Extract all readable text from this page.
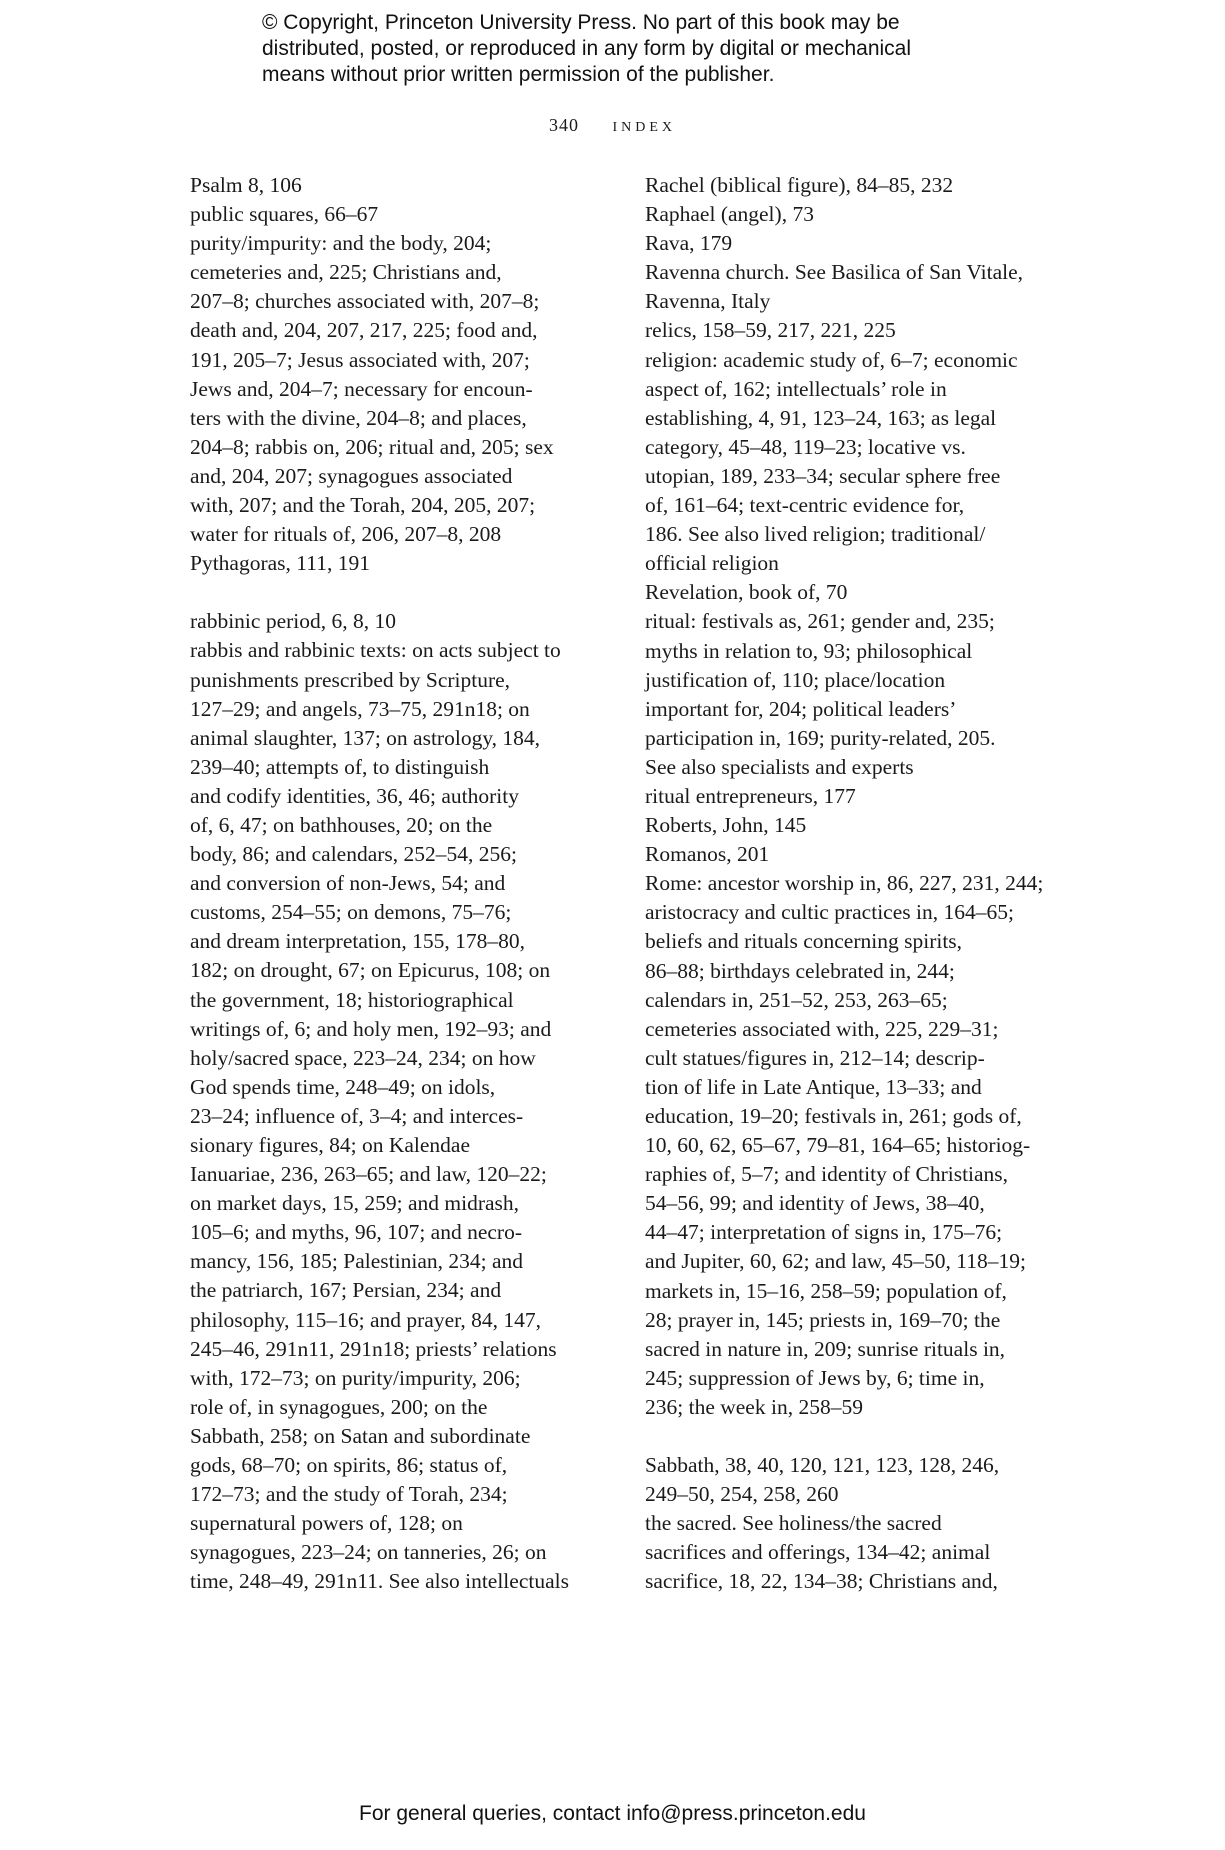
© Copyright, Princeton University Press. No part of this book may be
distributed, posted, or reproduced in any form by digital or mechanical
means without prior written permission of the publisher.
340 index
Psalm 8, 106
public squares, 66–67
purity/impurity: and the body, 204;
cemeteries and, 225; Christians and,
207–8; churches associated with, 207–8;
death and, 204, 207, 217, 225; food and,
191, 205–7; Jesus associated with, 207;
Jews and, 204–7; necessary for encoun-
ters with the divine, 204–8; and places,
204–8; rabbis on, 206; ritual and, 205; sex
and, 204, 207; synagogues associated
with, 207; and the Torah, 204, 205, 207;
water for rituals of, 206, 207–8, 208
Pythagoras, 111, 191
rabbinic period, 6, 8, 10
rabbis and rabbinic texts: on acts subject to
punishments prescribed by Scripture,
127–29; and angels, 73–75, 291n18; on
animal slaughter, 137; on astrology, 184,
239–40; attempts of, to distinguish
and codify identities, 36, 46; authority
of, 6, 47; on bathhouses, 20; on the
body, 86; and calendars, 252–54, 256;
and conversion of non-Jews, 54; and
customs, 254–55; on demons, 75–76;
and dream interpretation, 155, 178–80,
182; on drought, 67; on Epicurus, 108; on
the government, 18; historiographical
writings of, 6; and holy men, 192–93; and
holy/sacred space, 223–24, 234; on how
God spends time, 248–49; on idols,
23–24; influence of, 3–4; and interces-
sionary figures, 84; on Kalendae
Ianuariae, 236, 263–65; and law, 120–22;
on market days, 15, 259; and midrash,
105–6; and myths, 96, 107; and necro-
mancy, 156, 185; Palestinian, 234; and
the patriarch, 167; Persian, 234; and
philosophy, 115–16; and prayer, 84, 147,
245–46, 291n11, 291n18; priests’ relations
with, 172–73; on purity/impurity, 206;
role of, in synagogues, 200; on the
Sabbath, 258; on Satan and subordinate
gods, 68–70; on spirits, 86; status of,
172–73; and the study of Torah, 234;
supernatural powers of, 128; on
synagogues, 223–24; on tanneries, 26; on
time, 248–49, 291n11. See also intellectuals
Rachel (biblical figure), 84–85, 232
Raphael (angel), 73
Rava, 179
Ravenna church. See Basilica of San Vitale,
Ravenna, Italy
relics, 158–59, 217, 221, 225
religion: academic study of, 6–7; economic
aspect of, 162; intellectuals’ role in
establishing, 4, 91, 123–24, 163; as legal
category, 45–48, 119–23; locative vs.
utopian, 189, 233–34; secular sphere free
of, 161–64; text-centric evidence for,
186. See also lived religion; traditional/
official religion
Revelation, book of, 70
ritual: festivals as, 261; gender and, 235;
myths in relation to, 93; philosophical
justification of, 110; place/location
important for, 204; political leaders’
participation in, 169; purity-related, 205.
See also specialists and experts
ritual entrepreneurs, 177
Roberts, John, 145
Romanos, 201
Rome: ancestor worship in, 86, 227, 231, 244;
aristocracy and cultic practices in, 164–65;
beliefs and rituals concerning spirits,
86–88; birthdays celebrated in, 244;
calendars in, 251–52, 253, 263–65;
cemeteries associated with, 225, 229–31;
cult statues/figures in, 212–14; descrip-
tion of life in Late Antique, 13–33; and
education, 19–20; festivals in, 261; gods of,
10, 60, 62, 65–67, 79–81, 164–65; historiog-
raphies of, 5–7; and identity of Christians,
54–56, 99; and identity of Jews, 38–40,
44–47; interpretation of signs in, 175–76;
and Jupiter, 60, 62; and law, 45–50, 118–19;
markets in, 15–16, 258–59; population of,
28; prayer in, 145; priests in, 169–70; the
sacred in nature in, 209; sunrise rituals in,
245; suppression of Jews by, 6; time in,
236; the week in, 258–59
Sabbath, 38, 40, 120, 121, 123, 128, 246,
249–50, 254, 258, 260
the sacred. See holiness/the sacred
sacrifices and offerings, 134–42; animal
sacrifice, 18, 22, 134–38; Christians and,
For general queries, contact info@press.princeton.edu
